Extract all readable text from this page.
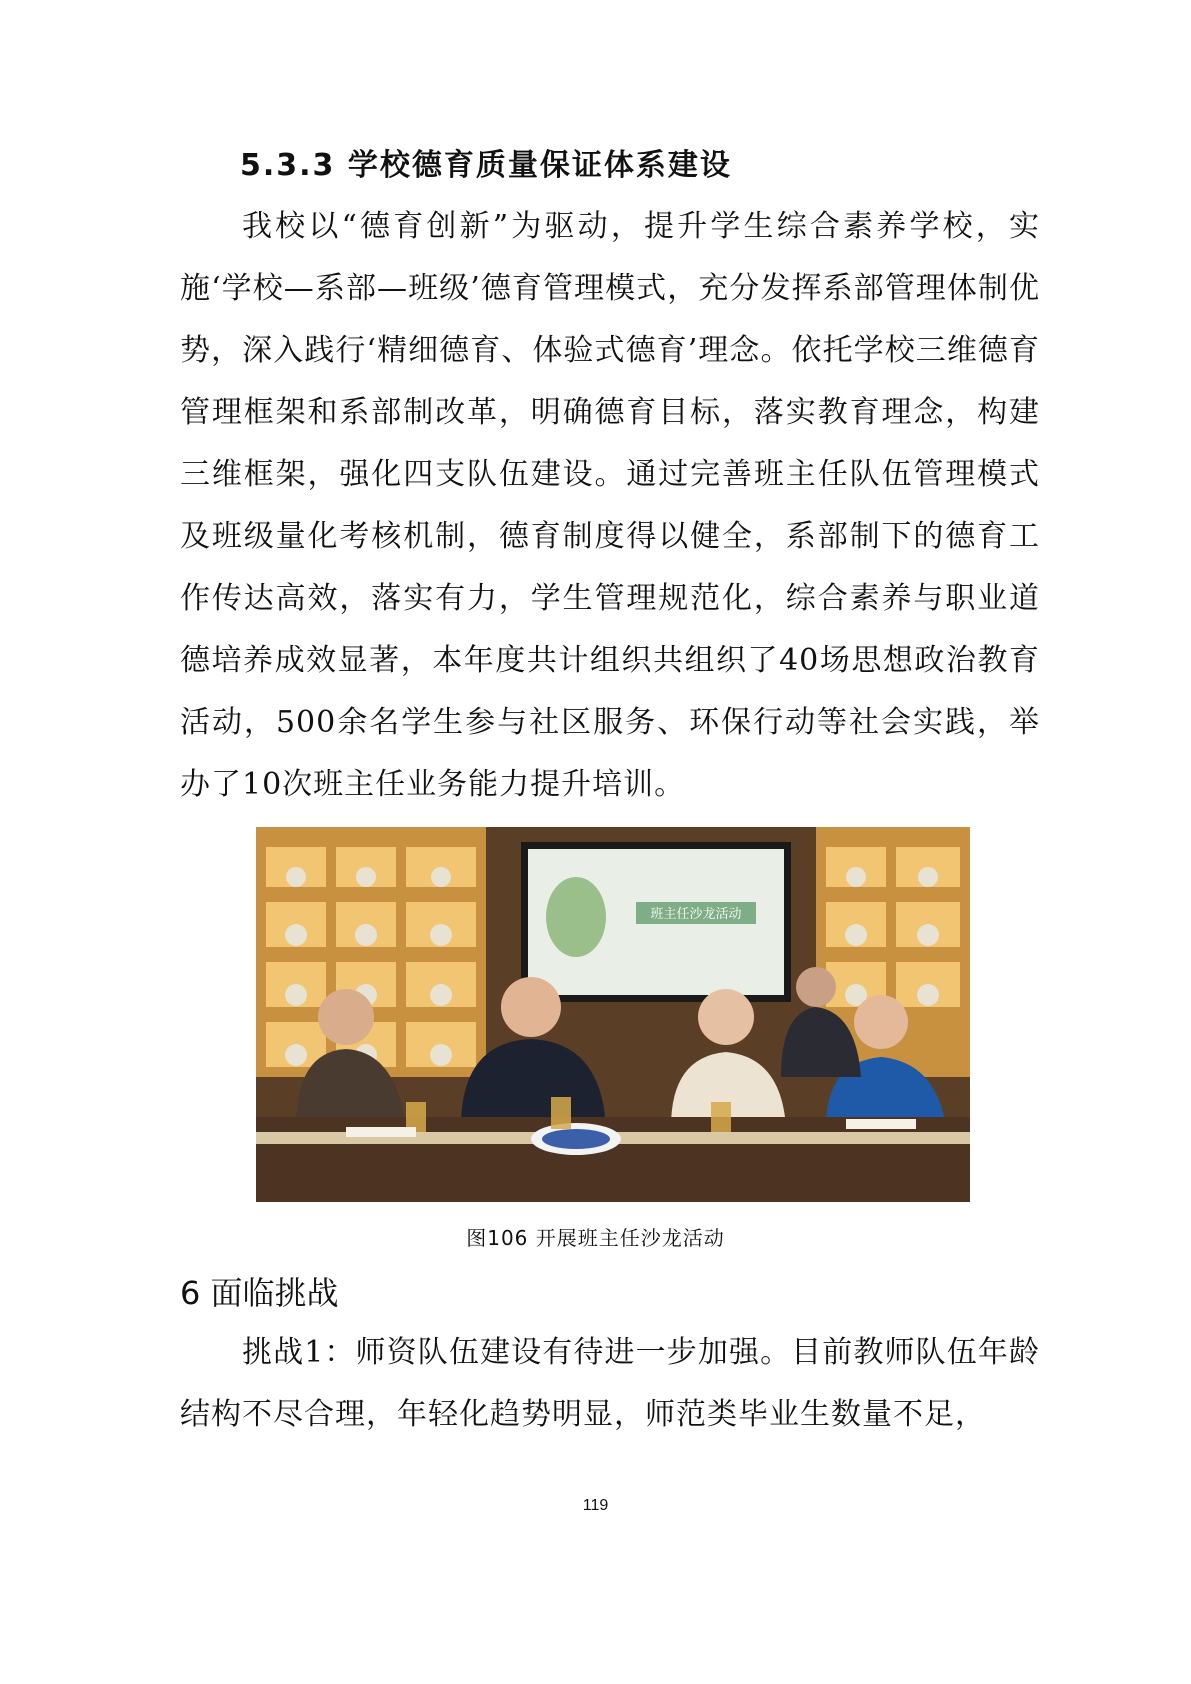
5.3.3 学校德育质量保证体系建设

我校以“德育创新”为驱动，提升学生综合素养学校，实施‘学校—系部—班级’德育管理模式，充分发挥系部管理体制优势，深入践行‘精细德育、体验式德育’理念。依托学校三维德育管理框架和系部制改革，明确德育目标，落实教育理念，构建三维框架，强化四支队伍建设。通过完善班主任队伍管理模式及班级量化考核机制，德育制度得以健全，系部制下的德育工作传达高效，落实有力，学生管理规范化，综合素养与职业道德培养成效显著，本年度共计组织共组织了40场思想政治教育活动，500余名学生参与社区服务、环保行动等社会实践，举办了10次班主任业务能力提升培训。

班主任沙龙活动
图106 开展班主任沙龙活动
6 面临挑战

挑战1：师资队伍建设有待进一步加强。目前教师队伍年龄结构不尽合理，年轻化趋势明显，师范类毕业生数量不足，

119
